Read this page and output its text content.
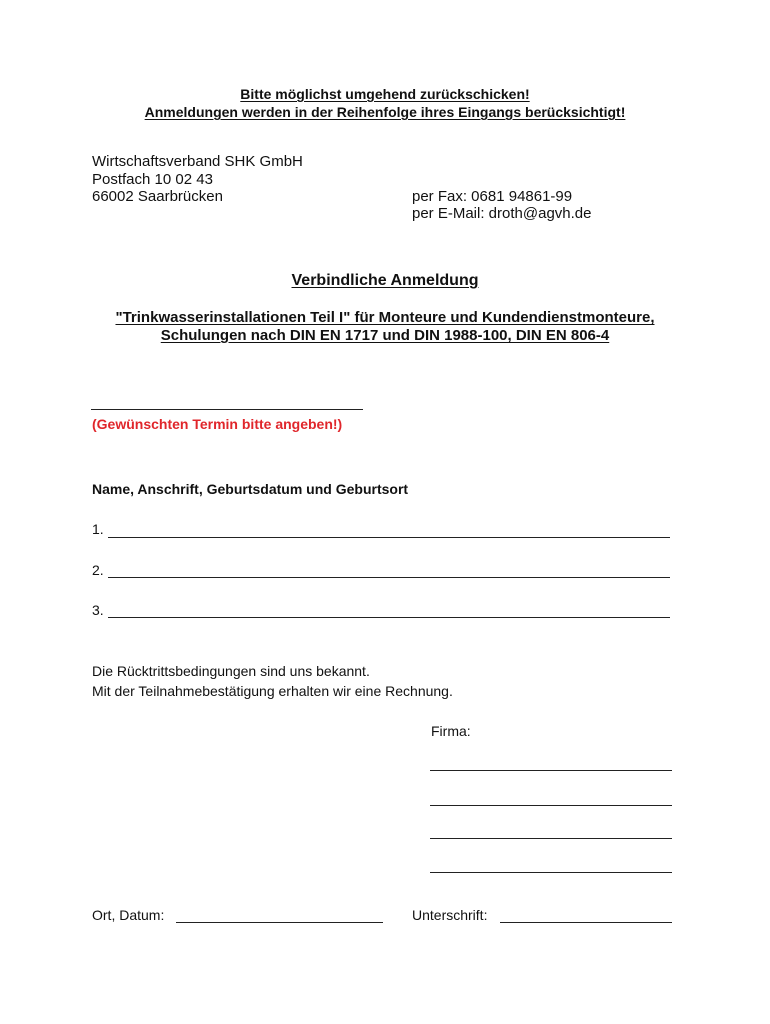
Bitte möglichst umgehend zurückschicken!
Anmeldungen werden in der Reihenfolge ihres Eingangs berücksichtigt!
Wirtschaftsverband SHK GmbH
Postfach 10 02 43
66002 Saarbrücken	per Fax: 0681 94861-99
per E-Mail: droth@agvh.de
Verbindliche Anmeldung
"Trinkwasserinstallationen Teil I" für Monteure und Kundendienstmonteure,
Schulungen nach DIN EN 1717 und DIN 1988-100, DIN EN 806-4
(Gewünschten Termin bitte angeben!)
Name, Anschrift, Geburtsdatum und Geburtsort
1.
2.
3.
Die Rücktrittsbedingungen sind uns bekannt.
Mit der Teilnahmebestätigung erhalten wir eine Rechnung.
Firma:
Ort, Datum:	Unterschrift:
